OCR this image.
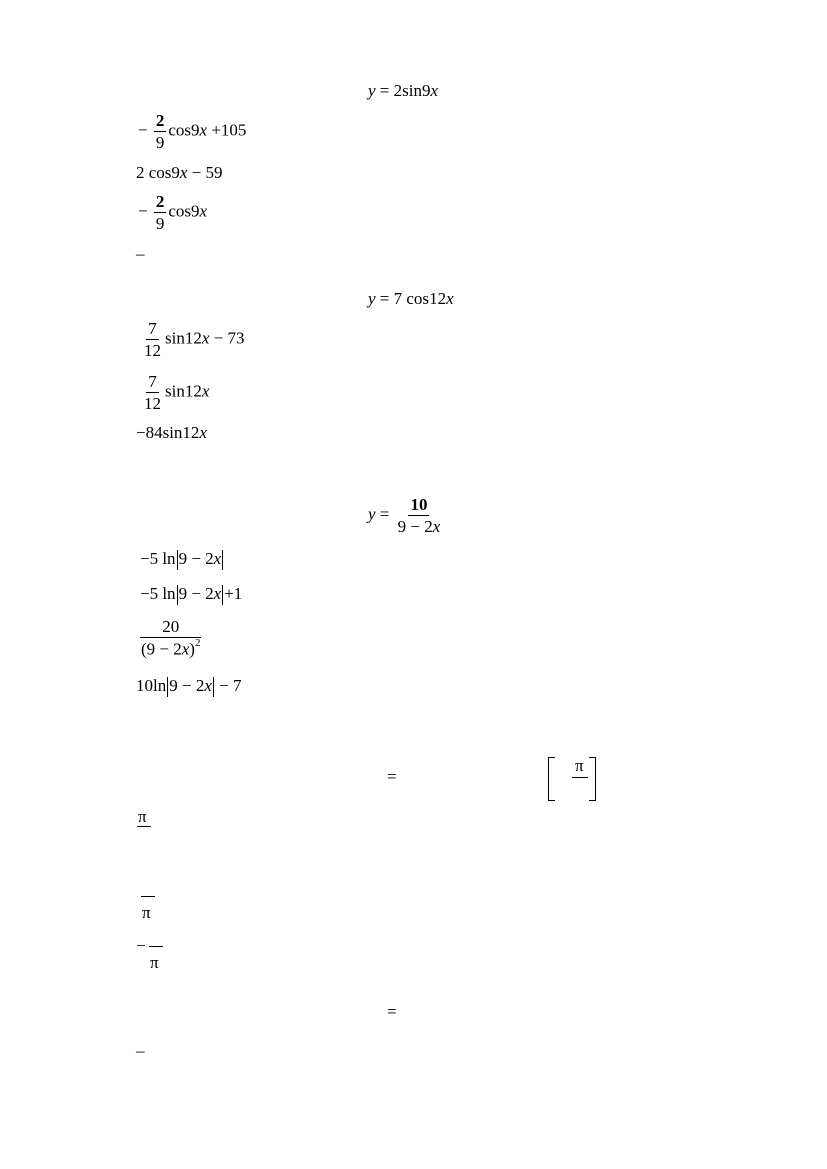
y = 2sin9x
− $\frac{2}{9} \cos 9x +105$
2 cos9x − 59
− $\frac{2}{9} \cos 9x$
–
y = 7 cos12x
$\frac{7}{12} \sin 12x - 73$
$\frac{7}{12} \sin 12x$
−84sin12x
$y = \frac{10}{9 - 2x}$
−5 ln 9 − 2x
−5 ln 9 − 2x +1
$\frac{20}{(9 - 2x)^2}$
10ln 9 − 2x − 7
=
π
π
π
−
π
=
–
